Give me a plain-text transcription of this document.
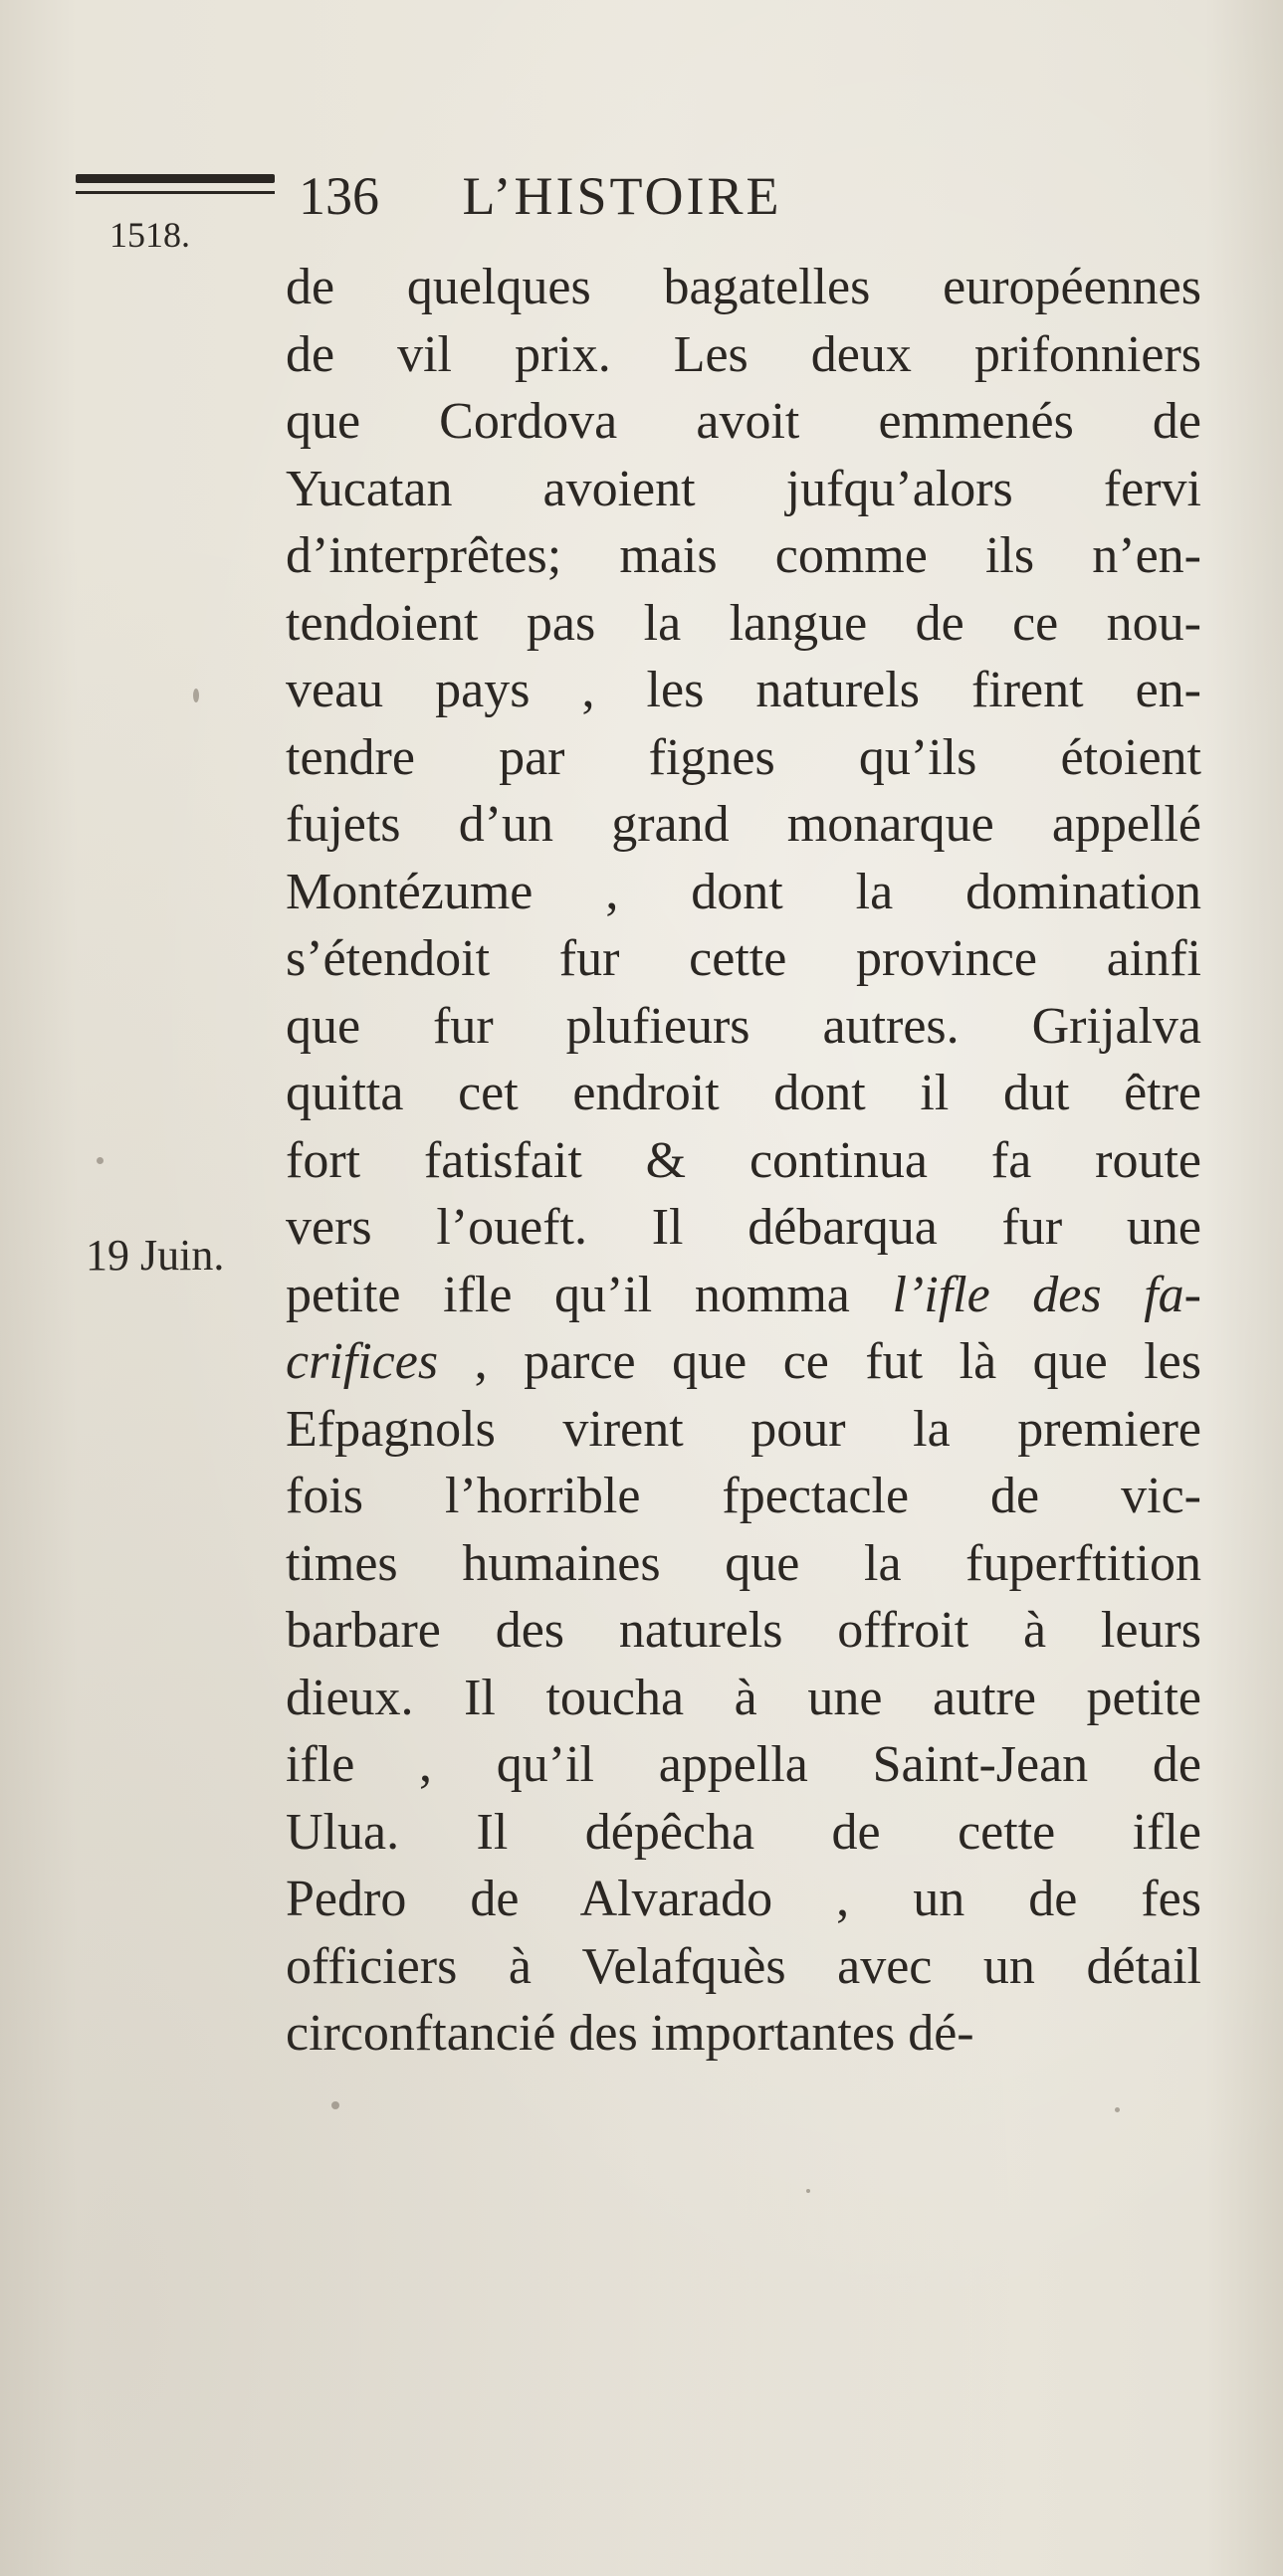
136 L’HISTOIRE
1518.
19 Juin.
de quelques bagatelles européennes
de vil prix. Les deux prifonniers
que Cordova avoit emmenés de
Yucatan avoient jufqu’alors fervi
d’interprêtes; mais comme ils n’en-
tendoient pas la langue de ce nou-
veau pays , les naturels firent en-
tendre par fignes qu’ils étoient
fujets d’un grand monarque appellé
Montézume , dont la domination
s’étendoit fur cette province ainfi
que fur plufieurs autres. Grijalva
quitta cet endroit dont il dut être
fort fatisfait & continua fa route
vers l’oueft. Il débarqua fur une
petite ifle qu’il nomma l’ifle des fa-
crifices , parce que ce fut là que les
Efpagnols virent pour la premiere
fois l’horrible fpectacle de vic-
times humaines que la fuperftition
barbare des naturels offroit à leurs
dieux. Il toucha à une autre petite
ifle , qu’il appella Saint-Jean de
Ulua. Il dépêcha de cette ifle
Pedro de Alvarado , un de fes
officiers à Velafquès avec un détail
circonftancié des importantes dé-
